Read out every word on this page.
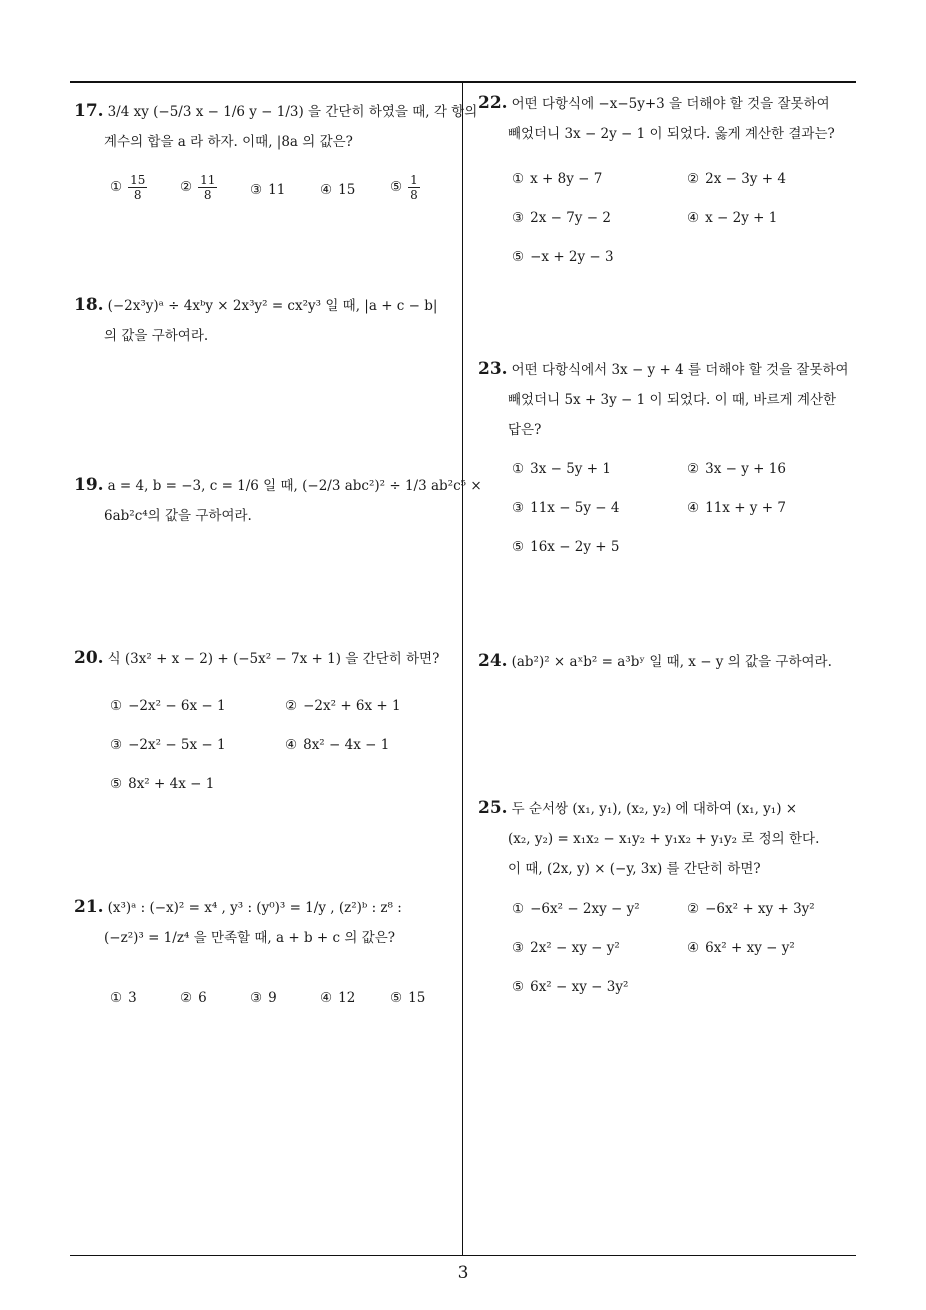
17. 3/4 xy (−5/3 x − 1/6 y − 1/3) 을 간단히 하였을 때, 각 항의
계수의 합을 a 라 하자. 이때, |8a 의 값은?
① $\frac{15}{8}$ ② $\frac{11}{8}$ ③ 11	④ 15	⑤ $\frac{1}{8}$
18. (−2x³y)ᵃ ÷ 4xᵇy × 2x³y² = cx²y³ 일 때, |a + c − b|
의 값을 구하여라.
19. a = 4, b = −3, c = 1/6 일 때, (−2/3 abc²)² ÷ 1/3 ab²c⁵ ×
6ab²c⁴의 값을 구하여라.
20. 식 (3x² + x − 2) + (−5x² − 7x + 1) 을 간단히 하면?
① −2x² − 6x − 1	② −2x² + 6x + 1
③ −2x² − 5x − 1	④ 8x² − 4x − 1
⑤ 8x² + 4x − 1
21. (x³)ᵃ : (−x)² = x⁴ , y³ : (y⁰)³ = 1/y , (z²)ᵇ : z⁸ :
(−z²)³ = 1/z⁴ 을 만족할 때, a + b + c 의 값은?
① 3	② 6	③ 9	④ 12	⑤ 15
22. 어떤 다항식에 −x−5y+3 을 더해야 할 것을 잘못하여
빼었더니 3x − 2y − 1 이 되었다. 옳게 계산한 결과는?
① x + 8y − 7	② 2x − 3y + 4
③ 2x − 7y − 2	④ x − 2y + 1
⑤ −x + 2y − 3
23. 어떤 다항식에서 3x − y + 4 를 더해야 할 것을 잘못하여
빼었더니 5x + 3y − 1 이 되었다. 이 때, 바르게 계산한
답은?
① 3x − 5y + 1	② 3x − y + 16
③ 11x − 5y − 4	④ 11x + y + 7
⑤ 16x − 2y + 5
24. (ab²)² × aˣb² = a³bʸ 일 때, x − y 의 값을 구하여라.
25. 두 순서쌍 (x₁, y₁), (x₂, y₂) 에 대하여 (x₁, y₁) ×
(x₂, y₂) = x₁x₂ − x₁y₂ + y₁x₂ + y₁y₂ 로 정의 한다.
이 때, (2x, y) × (−y, 3x) 를 간단히 하면?
① −6x² − 2xy − y²	② −6x² + xy + 3y²
③ 2x² − xy − y²	④ 6x² + xy − y²
⑤ 6x² − xy − 3y²
3
